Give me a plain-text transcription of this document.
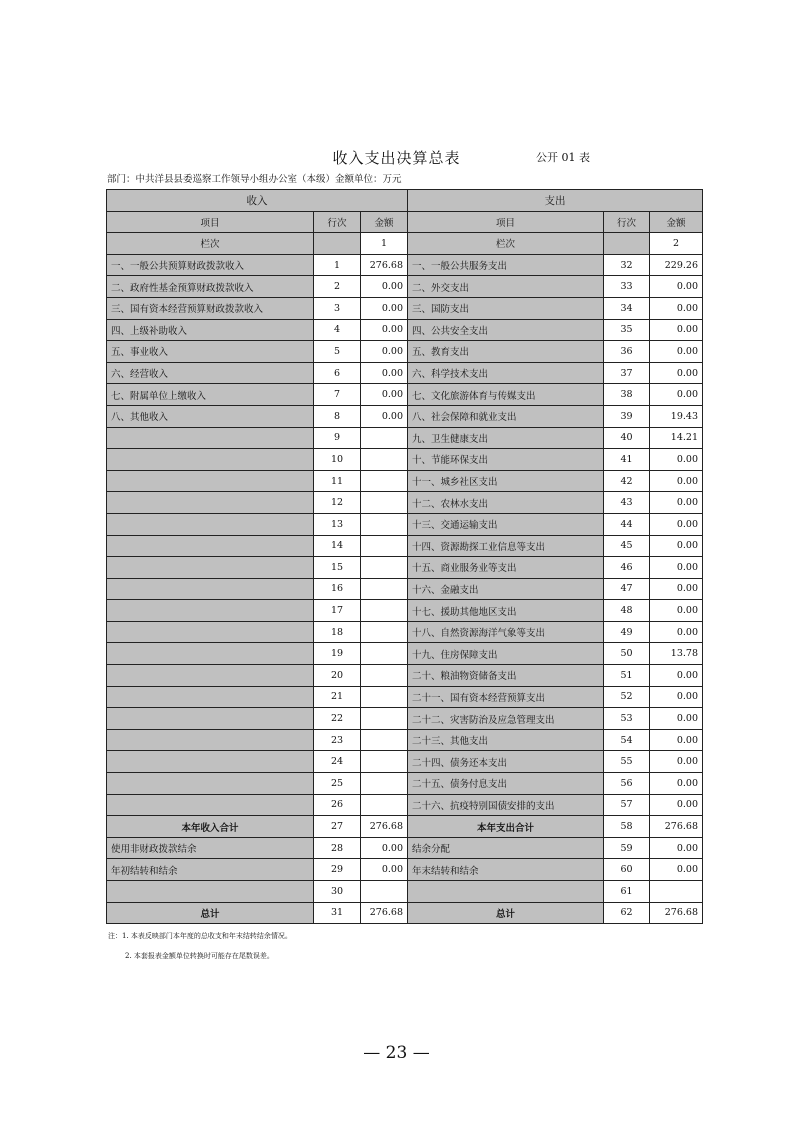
收入支出决算总表	公开 01 表
部门：中共洋县县委巡察工作领导小组办公室（本级）金额单位：万元
收入			支出		
项目	行次	金额	项目	行次	金额
栏次		1	栏次		2
一、一般公共预算财政拨款收入	1	276.68	一、一般公共服务支出	32	229.26
二、政府性基金预算财政拨款收入	2	0.00	二、外交支出	33	0.00
三、国有资本经营预算财政拨款收入	3	0.00	三、国防支出	34	0.00
四、上级补助收入	4	0.00	四、公共安全支出	35	0.00
五、事业收入	5	0.00	五、教育支出	36	0.00
六、经营收入	6	0.00	六、科学技术支出	37	0.00
七、附属单位上缴收入	7	0.00	七、文化旅游体育与传媒支出	38	0.00
八、其他收入	8	0.00	八、社会保障和就业支出	39	19.43
	9		九、卫生健康支出	40	14.21
	10		十、节能环保支出	41	0.00
	11		十一、城乡社区支出	42	0.00
	12		十二、农林水支出	43	0.00
	13		十三、交通运输支出	44	0.00
	14		十四、资源勘探工业信息等支出	45	0.00
	15		十五、商业服务业等支出	46	0.00
	16		十六、金融支出	47	0.00
	17		十七、援助其他地区支出	48	0.00
	18		十八、自然资源海洋气象等支出	49	0.00
	19		十九、住房保障支出	50	13.78
	20		二十、粮油物资储备支出	51	0.00
	21		二十一、国有资本经营预算支出	52	0.00
	22		二十二、灾害防治及应急管理支出	53	0.00
	23		二十三、其他支出	54	0.00
	24		二十四、债务还本支出	55	0.00
	25		二十五、债务付息支出	56	0.00
	26		二十六、抗疫特别国债安排的支出	57	0.00
本年收入合计	27	276.68	本年支出合计	58	276.68
使用非财政拨款结余	28	0.00	结余分配	59	0.00
年初结转和结余	29	0.00	年末结转和结余	60	0.00
	30			61	
总计	31	276.68	总计	62	276.68
注：1. 本表反映部门本年度的总收支和年末结转结余情况。
2. 本套报表金额单位转换时可能存在尾数误差。
— 23 —
